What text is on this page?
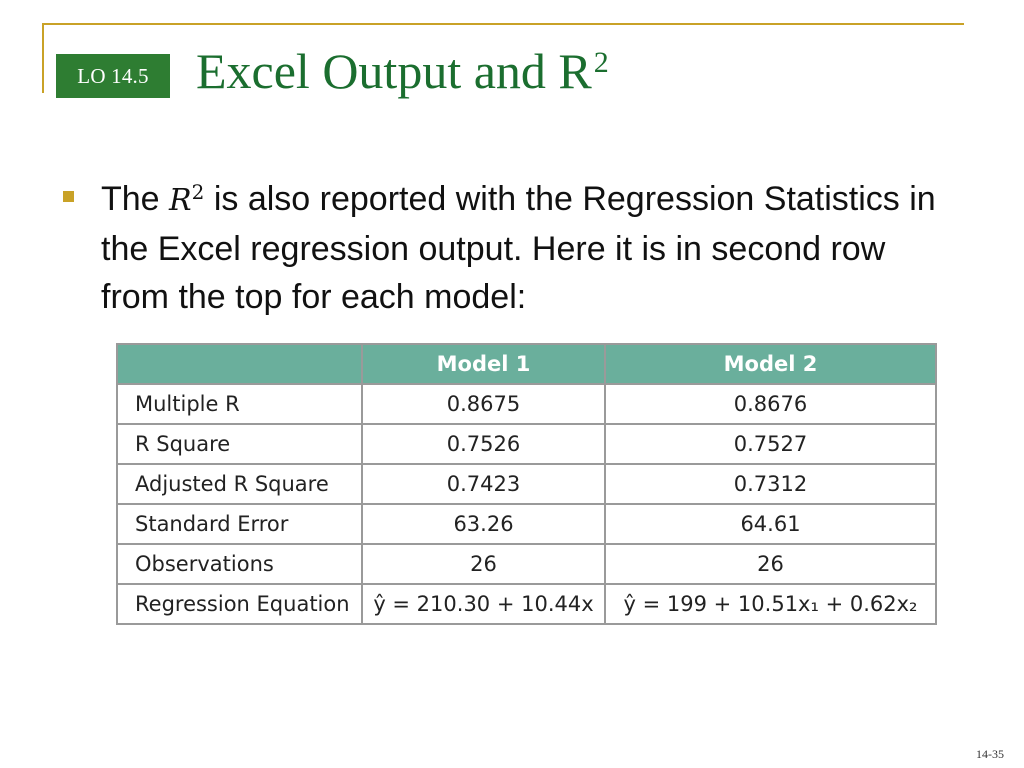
LO 14.5 Excel Output and $R^2$
The $R^2$ is also reported with the Regression Statistics in the Excel regression output. Here it is in second row from the top for each model:
	Model 1	Model 2
Multiple R	0.8675	0.8676
R Square	0.7526	0.7527
Adjusted R Square	0.7423	0.7312
Standard Error	63.26	64.61
Observations	26	26
Regression Equation	ŷ = 210.30 + 10.44x	ŷ = 199 + 10.51x₁ + 0.62x₂
14-35
